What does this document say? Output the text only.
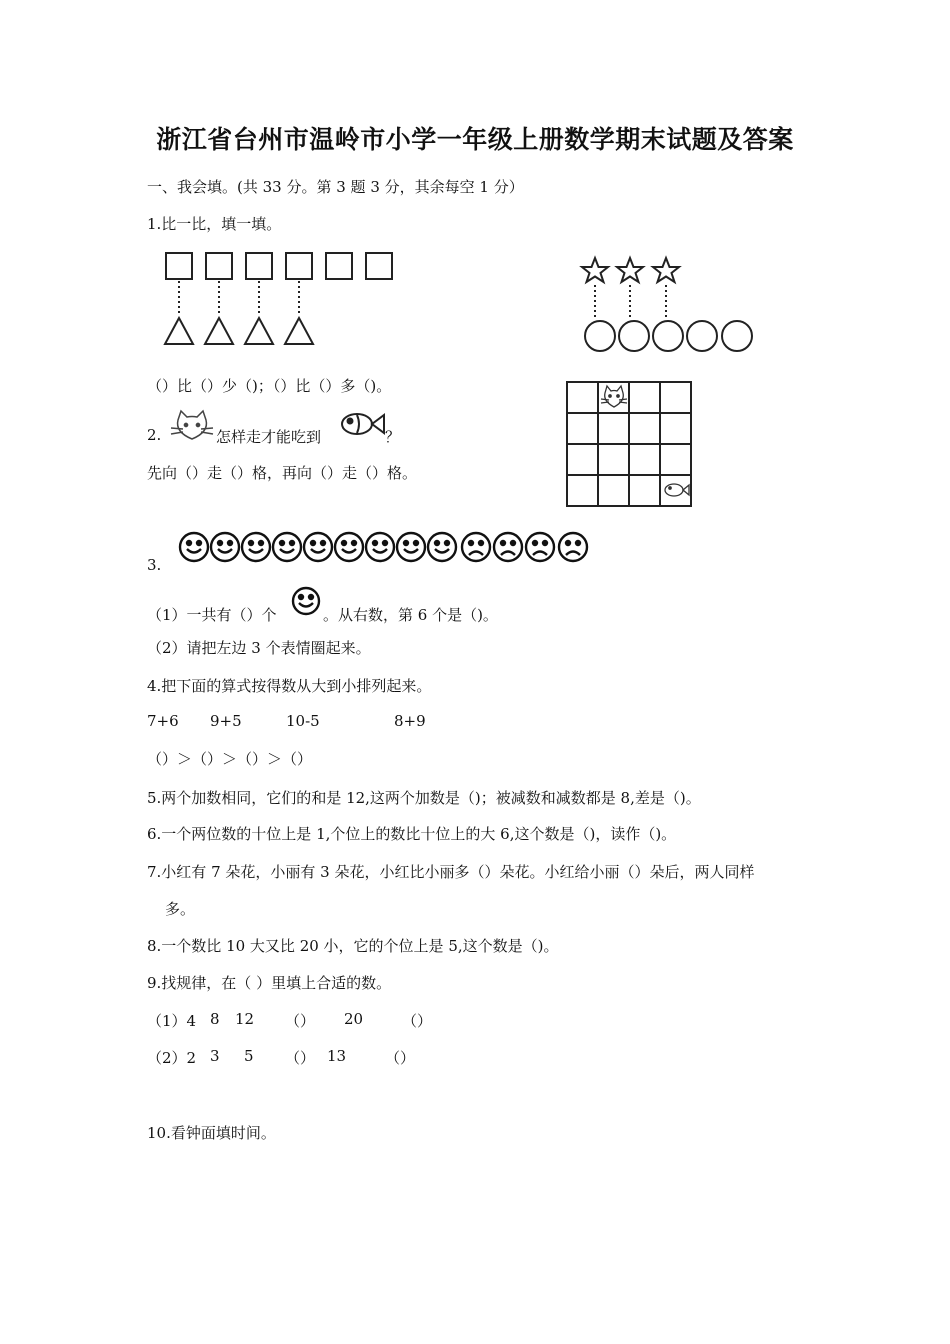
浙江省台州市温岭市小学一年级上册数学期末试题及答案
一、我会填。(共 33 分。第 3 题 3 分，其余每空 1 分）
1.比一比，填一填。
（）比（）少（)；（）比（）多（)。
2.	怎样走才能吃到	？
先向（）走（）格，再向（）走（）格。
3.
（1）一共有（）个	。从右数，第 6 个是（)。
（2）请把左边 3 个表情圈起来。
4.把下面的算式按得数从大到小排列起来。
7+6 9+5	10-5	8+9
（）＞（）＞（）＞（）
5.两个加数相同，它们的和是 12,这两个加数是（)；被减数和减数都是 8,差是（)。
6.一个两位数的十位上是 1,个位上的数比十位上的大 6,这个数是（)，读作（)。
7.小红有 7 朵花，小丽有 3 朵花，小红比小丽多（）朵花。小红给小丽（）朵后，两人同样
多。
8.一个数比 10 大又比 20 小，它的个位上是 5,这个数是（)。
9.找规律，在（ ）里填上合适的数。
（1）4 8 12 （） 20	（）
（2）2 3 5 （） 13	（）
10.看钟面填时间。
